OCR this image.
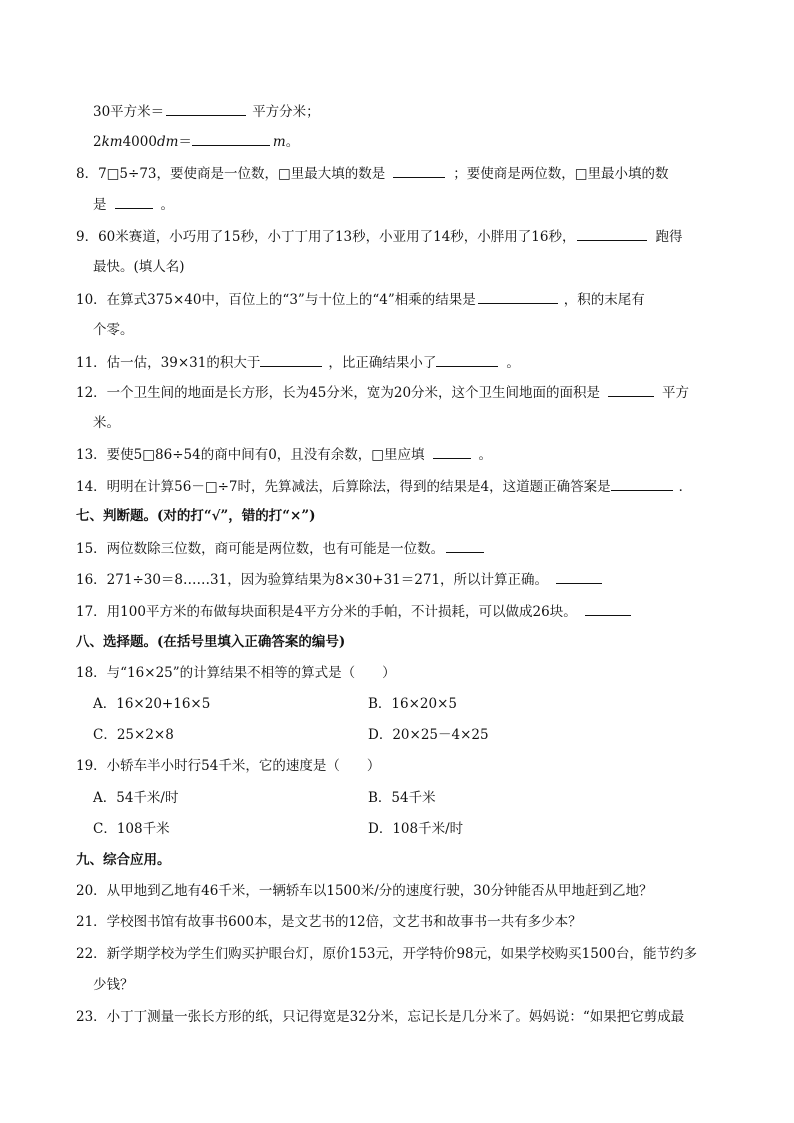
30平方米＝	平方分米；
2km4000dm＝	m。
8．7□5÷73，要使商是一位数，□里最大填的数是	；要使商是两位数，□里最小填的数
是	。
9．60米赛道，小巧用了15秒，小丁丁用了13秒，小亚用了14秒，小胖用了16秒，	跑得
最快。(填人名)
10．在算式375×40中，百位上的“3”与十位上的“4”相乘的结果是	，积的末尾有
个零。
11．估一估，39×31的积大于	，比正确结果小了	。
12．一个卫生间的地面是长方形，长为45分米，宽为20分米，这个卫生间地面的面积是	平方
米。
13．要使5□86÷54的商中间有0，且没有余数，□里应填	。
14．明明在计算56－□÷7时，先算减法，后算除法，得到的结果是4，这道题正确答案是	．
七、判断题。(对的打“√”，错的打“×”)
15．两位数除三位数，商可能是两位数，也有可能是一位数。
16．271÷30＝8……31，因为验算结果为8×30+31＝271，所以计算正确。
17．用100平方米的布做每块面积是4平方分米的手帕，不计损耗，可以做成26块。
八、选择题。(在括号里填入正确答案的编号)
18．与“16×25”的计算结果不相等的算式是（　　）
A．16×20+16×5	B．16×20×5
C．25×2×8	D．20×25－4×25
19．小轿车半小时行54千米，它的速度是（　　）
A．54千米/时	B．54千米
C．108千米	D．108千米/时
九、综合应用。
20．从甲地到乙地有46千米，一辆轿车以1500米/分的速度行驶，30分钟能否从甲地赶到乙地？
21．学校图书馆有故事书600本，是文艺书的12倍，文艺书和故事书一共有多少本？
22．新学期学校为学生们购买护眼台灯，原价153元，开学特价98元，如果学校购买1500台，能节约多
少钱？
23．小丁丁测量一张长方形的纸，只记得宽是32分米，忘记长是几分米了。妈妈说：“如果把它剪成最
